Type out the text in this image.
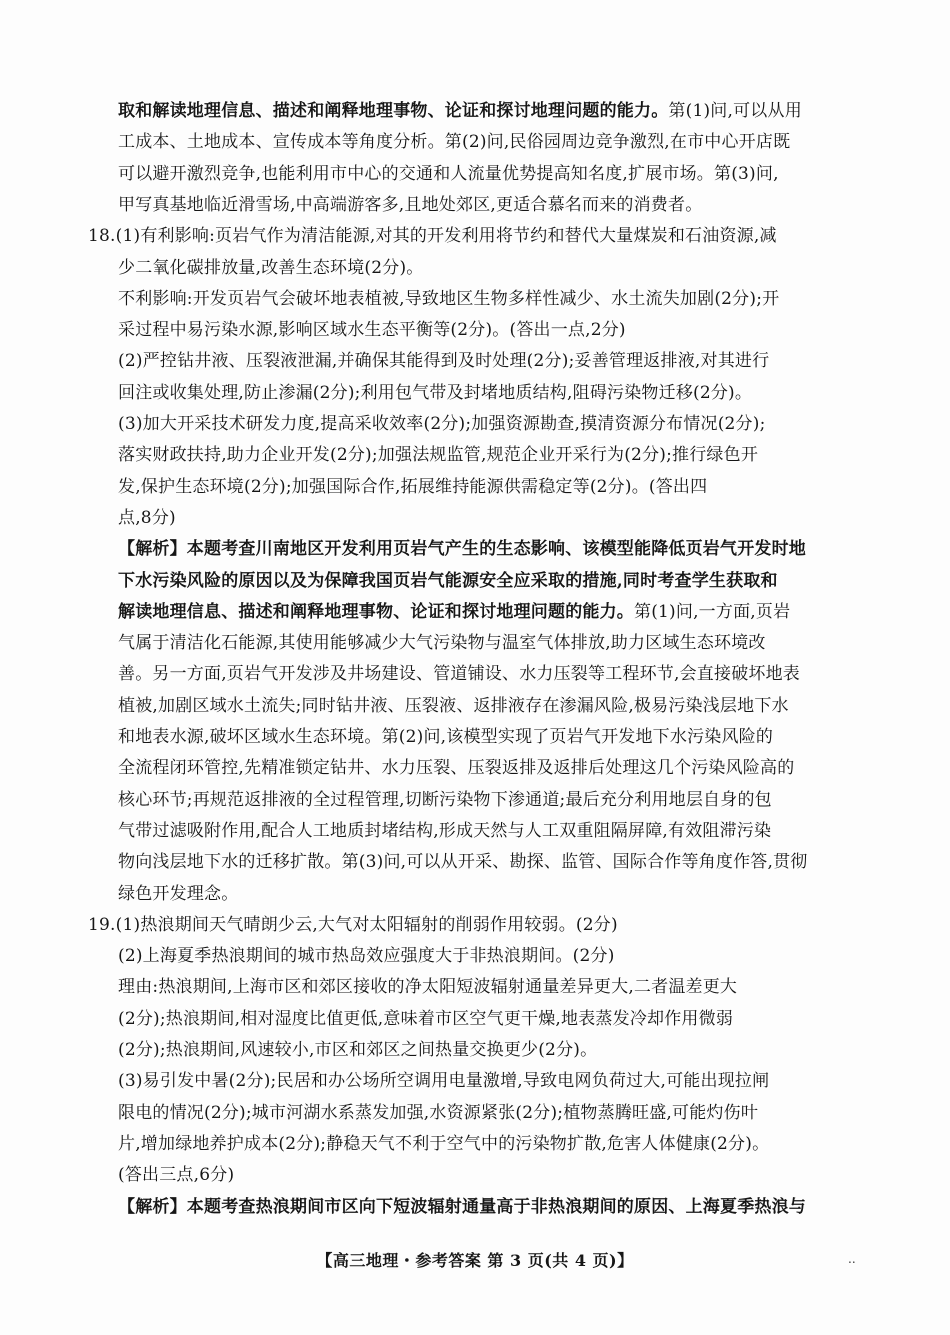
取和解读地理信息、描述和阐释地理事物、论证和探讨地理问题的能力。第(1)问,可以从用
工成本、土地成本、宣传成本等角度分析。第(2)问,民俗园周边竞争激烈,在市中心开店既
可以避开激烈竞争,也能利用市中心的交通和人流量优势提高知名度,扩展市场。第(3)问,
甲写真基地临近滑雪场,中高端游客多,且地处郊区,更适合慕名而来的消费者。
18.(1)有利影响:页岩气作为清洁能源,对其的开发利用将节约和替代大量煤炭和石油资源,减
少二氧化碳排放量,改善生态环境(2分)。
不利影响:开发页岩气会破坏地表植被,导致地区生物多样性减少、水土流失加剧(2分);开
采过程中易污染水源,影响区域水生态平衡等(2分)。(答出一点,2分)
(2)严控钻井液、压裂液泄漏,并确保其能得到及时处理(2分);妥善管理返排液,对其进行
回注或收集处理,防止渗漏(2分);利用包气带及封堵地质结构,阻碍污染物迁移(2分)。
(3)加大开采技术研发力度,提高采收效率(2分);加强资源勘查,摸清资源分布情况(2分);
落实财政扶持,助力企业开发(2分);加强法规监管,规范企业开采行为(2分);推行绿色开
发,保护生态环境(2分);加强国际合作,拓展维持能源供需稳定等(2分)。(答出四
点,8分)
【解析】本题考查川南地区开发利用页岩气产生的生态影响、该模型能降低页岩气开发时地
下水污染风险的原因以及为保障我国页岩气能源安全应采取的措施,同时考查学生获取和
解读地理信息、描述和阐释地理事物、论证和探讨地理问题的能力。第(1)问,一方面,页岩
气属于清洁化石能源,其使用能够减少大气污染物与温室气体排放,助力区域生态环境改
善。另一方面,页岩气开发涉及井场建设、管道铺设、水力压裂等工程环节,会直接破坏地表
植被,加剧区域水土流失;同时钻井液、压裂液、返排液存在渗漏风险,极易污染浅层地下水
和地表水源,破坏区域水生态环境。第(2)问,该模型实现了页岩气开发地下水污染风险的
全流程闭环管控,先精准锁定钻井、水力压裂、压裂返排及返排后处理这几个污染风险高的
核心环节;再规范返排液的全过程管理,切断污染物下渗通道;最后充分利用地层自身的包
气带过滤吸附作用,配合人工地质封堵结构,形成天然与人工双重阻隔屏障,有效阻滞污染
物向浅层地下水的迁移扩散。第(3)问,可以从开采、勘探、监管、国际合作等角度作答,贯彻
绿色开发理念。
19.(1)热浪期间天气晴朗少云,大气对太阳辐射的削弱作用较弱。(2分)
(2)上海夏季热浪期间的城市热岛效应强度大于非热浪期间。(2分)
理由:热浪期间,上海市区和郊区接收的净太阳短波辐射通量差异更大,二者温差更大
(2分);热浪期间,相对湿度比值更低,意味着市区空气更干燥,地表蒸发冷却作用微弱
(2分);热浪期间,风速较小,市区和郊区之间热量交换更少(2分)。
(3)易引发中暑(2分);民居和办公场所空调用电量激增,导致电网负荷过大,可能出现拉闸
限电的情况(2分);城市河湖水系蒸发加强,水资源紧张(2分);植物蒸腾旺盛,可能灼伤叶
片,增加绿地养护成本(2分);静稳天气不利于空气中的污染物扩散,危害人体健康(2分)。
(答出三点,6分)
【解析】本题考查热浪期间市区向下短波辐射通量高于非热浪期间的原因、上海夏季热浪与
【高三地理・参考答案 第 3 页(共 4 页)】	..
